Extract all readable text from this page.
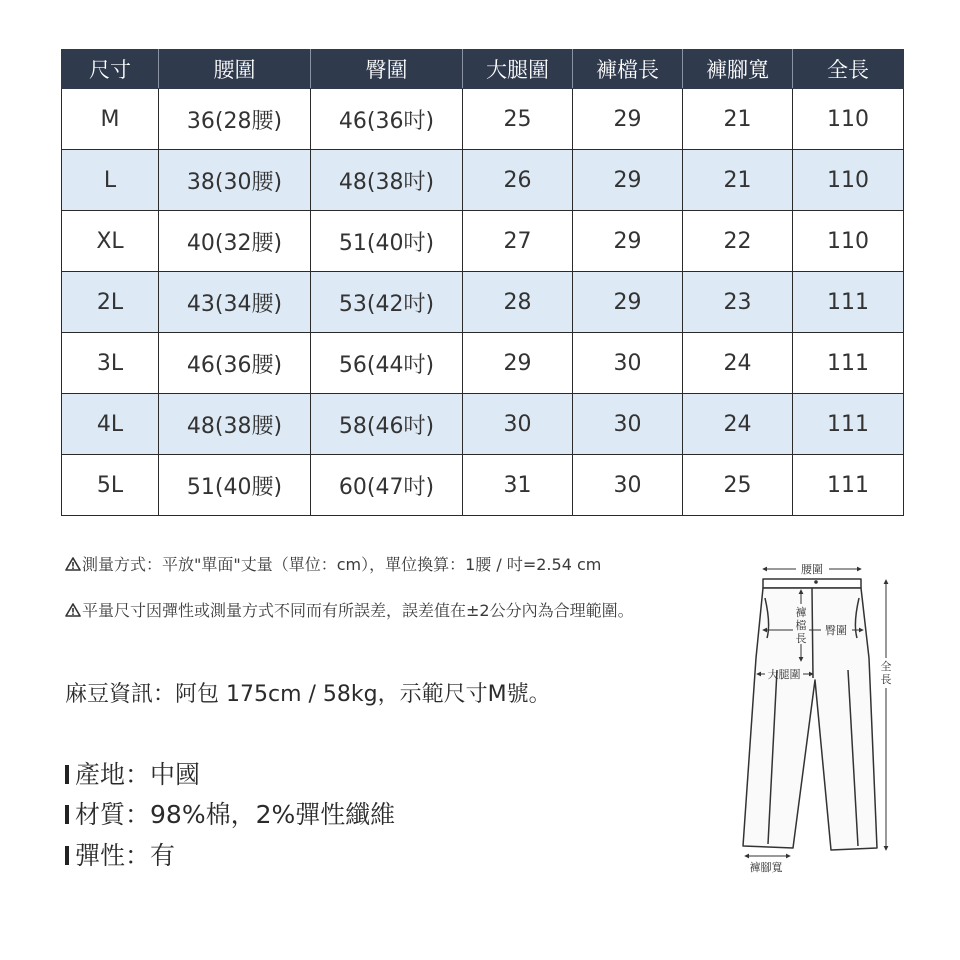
尺寸	腰圍	臀圍	大腿圍	褲檔長	褲腳寬	全長
M	36(28腰)	46(36吋)	25	29	21	110
L	38(30腰)	48(38吋)	26	29	21	110
XL	40(32腰)	51(40吋)	27	29	22	110
2L	43(34腰)	53(42吋)	28	29	23	111
3L	46(36腰)	56(44吋)	29	30	24	111
4L	48(38腰)	58(46吋)	30	30	24	111
5L	51(40腰)	60(47吋)	31	30	25	111
測量方式：平放"單面"丈量（單位：cm），單位換算：1腰 / 吋=2.54 cm
平量尺寸因彈性或測量方式不同而有所誤差，誤差值在±2公分內為合理範圍。
麻豆資訊：阿包 175cm / 58kg，示範尺寸M號。
產地：中國
材質：98%棉，2%彈性纖維
彈性：有
腰圍
褲
檔
長
臀圍
大腿圍
全
長
褲腳寬
